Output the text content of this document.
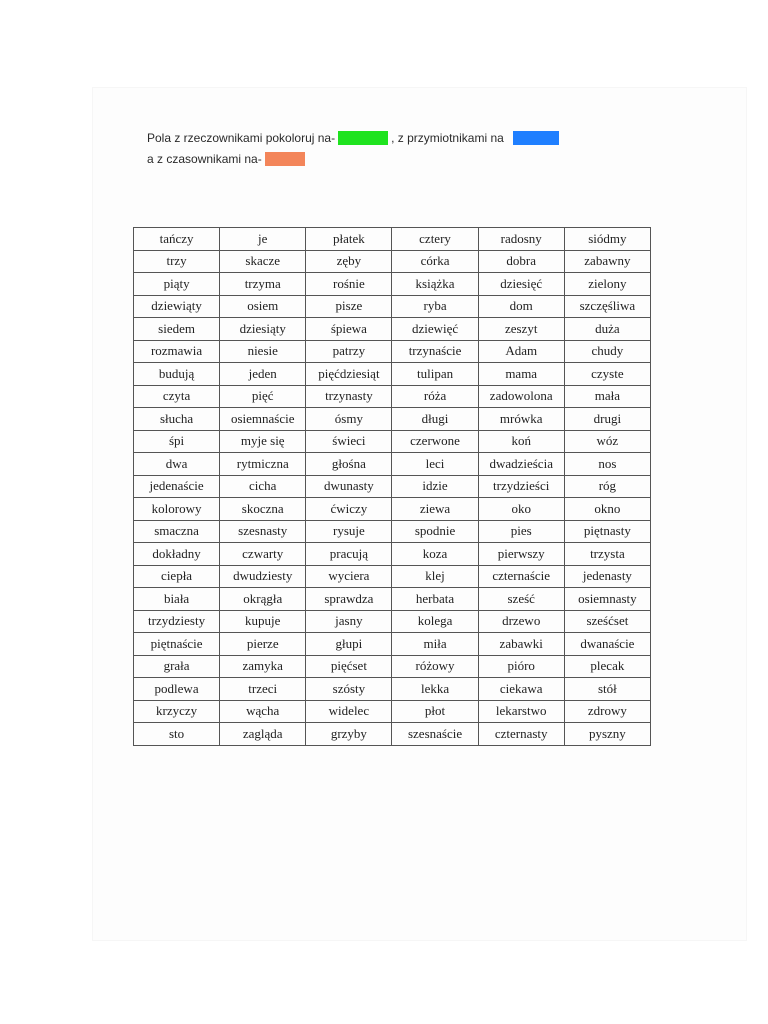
Pola z rzeczownikami pokoloruj na-	, z przymiotnikami na
a z czasownikami na-
tańczy	je	płatek	cztery	radosny	siódmy
trzy	skacze	zęby	córka	dobra	zabawny
piąty	trzyma	rośnie	książka	dziesięć	zielony
dziewiąty	osiem	pisze	ryba	dom	szczęśliwa
siedem	dziesiąty	śpiewa	dziewięć	zeszyt	duża
rozmawia	niesie	patrzy	trzynaście	Adam	chudy
budują	jeden	pięćdziesiąt	tulipan	mama	czyste
czyta	pięć	trzynasty	róża	zadowolona	mała
słucha	osiemnaście	ósmy	długi	mrówka	drugi
śpi	myje się	świeci	czerwone	koń	wóz
dwa	rytmiczna	głośna	leci	dwadzieścia	nos
jedenaście	cicha	dwunasty	idzie	trzydzieści	róg
kolorowy	skoczna	ćwiczy	ziewa	oko	okno
smaczna	szesnasty	rysuje	spodnie	pies	piętnasty
dokładny	czwarty	pracują	koza	pierwszy	trzysta
ciepła	dwudziesty	wyciera	klej	czternaście	jedenasty
biała	okrągła	sprawdza	herbata	sześć	osiemnasty
trzydziesty	kupuje	jasny	kolega	drzewo	sześćset
piętnaście	pierze	głupi	miła	zabawki	dwanaście
grała	zamyka	pięćset	różowy	pióro	plecak
podlewa	trzeci	szósty	lekka	ciekawa	stół
krzyczy	wącha	widelec	płot	lekarstwo	zdrowy
sto	zagląda	grzyby	szesnaście	czternasty	pyszny
